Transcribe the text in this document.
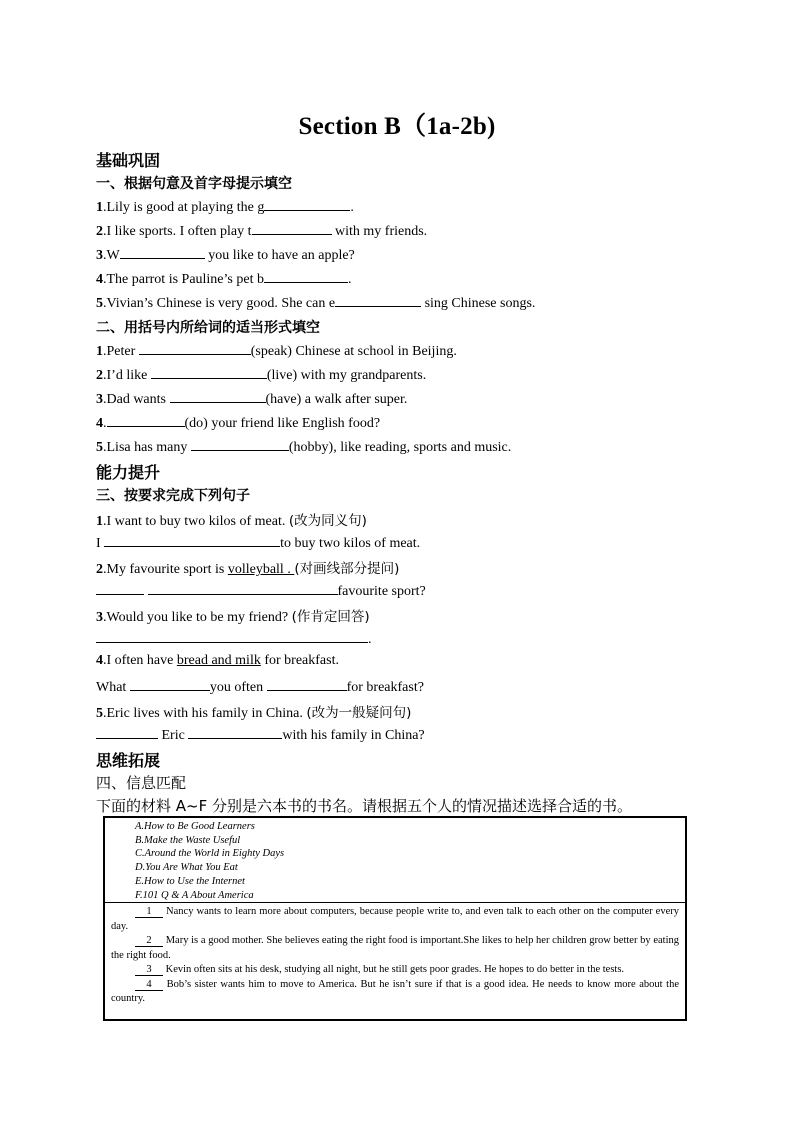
Section B（1a-2b)
基础巩固
一、根据句意及首字母提示填空
1.Lily is good at playing the g	.
2.I like sports. I often play t	with my friends.
3.W	you like to have an apple?
4.The parrot is Pauline’s pet b	.
5.Vivian’s Chinese is very good. She can e	sing Chinese songs.
二、用括号内所给词的适当形式填空
1.Peter	(speak) Chinese at school in Beijing.
2.I’d like	(live) with my grandparents.
3.Dad wants	(have) a walk after super.
4.	(do) your friend like English food?
5.Lisa has many	(hobby), like reading, sports and music.
能力提升
三、按要求完成下列句子
1.I want to buy two kilos of meat. (改为同义句)
I	to buy two kilos of meat.
2.My favourite sport is volleyball . (对画线部分提问)
favourite sport?
3.Would you like to be my friend? (作肯定回答)
.
4.I often have bread and milk for breakfast.
What	you often	for breakfast?
5.Eric lives with his family in China. (改为一般疑问句)
Eric	with his family in China?
思维拓展
四、信息匹配
下面的材料 A~F 分别是六本书的书名。请根据五个人的情况描述选择合适的书。
A.How to Be Good Learners
B.Make the Waste Useful
C.Around the World in Eighty Days
D.You Are What You Eat
E.How to Use the Internet
F.101 Q & A About America
1 Nancy wants to learn more about computers, because people write to, and even talk to each other on the computer every day.
2 Mary is a good mother. She believes eating the right food is important.She likes to help her children grow better by eating the right food.
3 Kevin often sits at his desk, studying all night, but he still gets poor grades. He hopes to do better in the tests.
4 Bob’s sister wants him to move to America. But he isn’t sure if that is a good idea. He needs to know more about the country.
